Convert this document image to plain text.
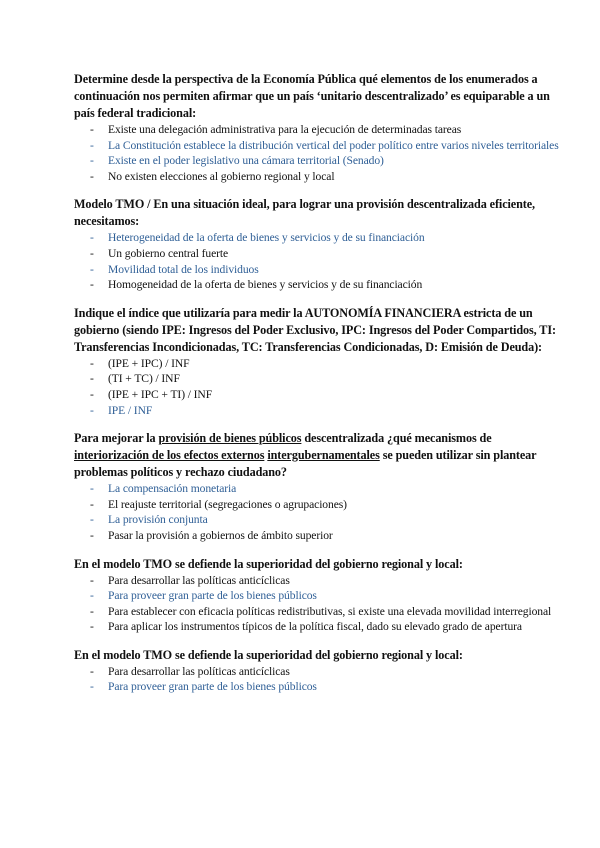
Determine desde la perspectiva de la Economía Pública qué elementos de los enumerados a continuación nos permiten afirmar que un país ‘unitario descentralizado’ es equiparable a un país federal tradicional:
- Existe una delegación administrativa para la ejecución de determinadas tareas
- La Constitución establece la distribución vertical del poder político entre varios niveles territoriales
- Existe en el poder legislativo una cámara territorial (Senado)
- No existen elecciones al gobierno regional y local
Modelo TMO / En una situación ideal, para lograr una provisión descentralizada eficiente, necesitamos:
- Heterogeneidad de la oferta de bienes y servicios y de su financiación
- Un gobierno central fuerte
- Movilidad total de los individuos
- Homogeneidad de la oferta de bienes y servicios y de su financiación
Indique el índice que utilizaría para medir la AUTONOMÍA FINANCIERA estricta de un gobierno (siendo IPE: Ingresos del Poder Exclusivo, IPC: Ingresos del Poder Compartidos, TI: Transferencias Incondicionadas, TC: Transferencias Condicionadas, D: Emisión de Deuda):
- (IPE + IPC) / INF
- (TI + TC) / INF
- (IPE + IPC + TI) / INF
- IPE / INF
Para mejorar la provisión de bienes públicos descentralizada ¿qué mecanismos de interiorización de los efectos externos intergubernamentales se pueden utilizar sin plantear problemas políticos y rechazo ciudadano?
- La compensación monetaria
- El reajuste territorial (segregaciones o agrupaciones)
- La provisión conjunta
- Pasar la provisión a gobiernos de ámbito superior
En el modelo TMO se defiende la superioridad del gobierno regional y local:
- Para desarrollar las políticas anticíclicas
- Para proveer gran parte de los bienes públicos
- Para establecer con eficacia políticas redistributivas, si existe una elevada movilidad interregional
- Para aplicar los instrumentos típicos de la política fiscal, dado su elevado grado de apertura
En el modelo TMO se defiende la superioridad del gobierno regional y local:
- Para desarrollar las políticas anticíclicas
- Para proveer gran parte de los bienes públicos
